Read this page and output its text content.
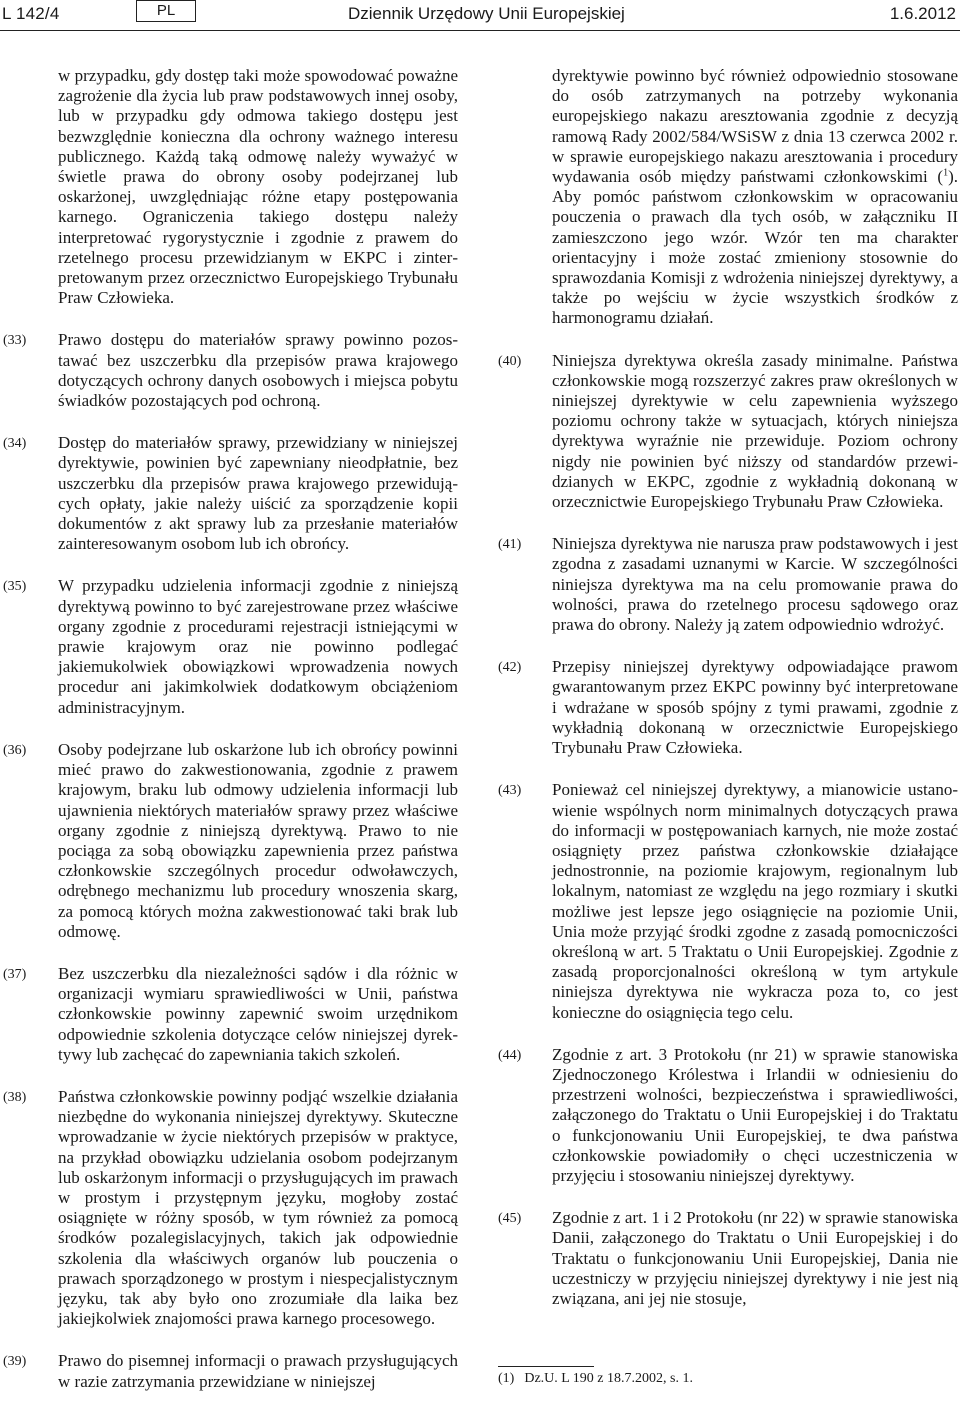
L 142/4	PL	Dziennik Urzędowy Unii Europejskiej	1.6.2012
w przypadku, gdy dostęp taki może spowodować poważne zagrożenie dla życia lub praw podstawowych innej osoby, lub w przypadku gdy odmowa takiego dostępu jest bezwzględnie konieczna dla ochrony ważnego interesu publicznego. Każdą taką odmowę należy wyważyć w świetle prawa do obrony osoby podejrzanej lub oskarżonej, uwzględniając różne etapy postępowania karnego. Ograniczenia takiego dostępu należy interpretować rygorystycznie i zgodnie z prawem do rzetelnego procesu przewidzianym w EKPC i zinterpretowanym przez orzecznictwo Europejskiego Trybunału Praw Człowieka.
(33) Prawo dostępu do materiałów sprawy powinno pozostawać bez uszczerbku dla przepisów prawa krajowego dotyczących ochrony danych osobowych i miejsca pobytu świadków pozostających pod ochroną.
(34) Dostęp do materiałów sprawy, przewidziany w niniejszej dyrektywie, powinien być zapewniany nieodpłatnie, bez uszczerbku dla przepisów prawa krajowego przewidujących opłaty, jakie należy uiścić za sporządzenie kopii dokumentów z akt sprawy lub za przesłanie materiałów zainteresowanym osobom lub ich obrońcy.
(35) W przypadku udzielenia informacji zgodnie z niniejszą dyrektywą powinno to być zarejestrowane przez właściwe organy zgodnie z procedurami rejestracji istniejącymi w prawie krajowym oraz nie powinno podlegać jakiemukolwiek obowiązkowi wprowadzenia nowych procedur ani jakimkolwiek dodatkowym obciążeniom administracyjnym.
(36) Osoby podejrzane lub oskarżone lub ich obrońcy powinni mieć prawo do zakwestionowania, zgodnie z prawem krajowym, braku lub odmowy udzielenia informacji lub ujawnienia niektórych materiałów sprawy przez właściwe organy zgodnie z niniejszą dyrektywą. Prawo to nie pociąga za sobą obowiązku zapewnienia przez państwa członkowskie szczególnych procedur odwoławczych, odrębnego mechanizmu lub procedury wnoszenia skarg, za pomocą których można zakwestionować taki brak lub odmowę.
(37) Bez uszczerbku dla niezależności sądów i dla różnic w organizacji wymiaru sprawiedliwości w Unii, państwa członkowskie powinny zapewnić swoim urzędnikom odpowiednie szkolenia dotyczące celów niniejszej dyrektywy lub zachęcać do zapewniania takich szkoleń.
(38) Państwa członkowskie powinny podjąć wszelkie działania niezbędne do wykonania niniejszej dyrektywy. Skuteczne wprowadzanie w życie niektórych przepisów w praktyce, na przykład obowiązku udzielania osobom podejrzanym lub oskarżonym informacji o przysługujących im prawach w prostym i przystępnym języku, mogłoby zostać osiągnięte w różny sposób, w tym również za pomocą środków pozalegislacyjnych, takich jak odpowiednie szkolenia dla właściwych organów lub pouczenia o prawach sporządzonego w prostym i niespecjalistycznym języku, tak aby było ono zrozumiałe dla laika bez jakiejkolwiek znajomości prawa karnego procesowego.
(39) Prawo do pisemnej informacji o prawach przysługujących w razie zatrzymania przewidziane w niniejszej
dyrektywie powinno być również odpowiednio stosowane do osób zatrzymanych na potrzeby wykonania europejskiego nakazu aresztowania zgodnie z decyzją ramową Rady 2002/584/WSiSW z dnia 13 czerwca 2002 r. w sprawie europejskiego nakazu aresztowania i procedury wydawania osób między państwami członkowskimi ($^1$). Aby pomóc państwom członkowskim w opracowaniu pouczenia o prawach dla tych osób, w załączniku II zamieszczono jego wzór. Wzór ten ma charakter orientacyjny i może zostać zmieniony stosownie do sprawozdania Komisji z wdrożenia niniejszej dyrektywy, a także po wejściu w życie wszystkich środków z harmonogramu działań.
(40) Niniejsza dyrektywa określa zasady minimalne. Państwa członkowskie mogą rozszerzyć zakres praw określonych w niniejszej dyrektywie w celu zapewnienia wyższego poziomu ochrony także w sytuacjach, których niniejsza dyrektywa wyraźnie nie przewiduje. Poziom ochrony nigdy nie powinien być niższy od standardów przewidzianych w EKPC, zgodnie z wykładnią dokonaną w orzecznictwie Europejskiego Trybunału Praw Człowieka.
(41) Niniejsza dyrektywa nie narusza praw podstawowych i jest zgodna z zasadami uznanymi w Karcie. W szczególności niniejsza dyrektywa ma na celu promowanie prawa do wolności, prawa do rzetelnego procesu sądowego oraz prawa do obrony. Należy ją zatem odpowiednio wdrożyć.
(42) Przepisy niniejszej dyrektywy odpowiadające prawom gwarantowanym przez EKPC powinny być interpretowane i wdrażane w sposób spójny z tymi prawami, zgodnie z wykładnią dokonaną w orzecznictwie Europejskiego Trybunału Praw Człowieka.
(43) Ponieważ cel niniejszej dyrektywy, a mianowicie ustanowienie wspólnych norm minimalnych dotyczących prawa do informacji w postępowaniach karnych, nie może zostać osiągnięty przez państwa członkowskie działające jednostronnie, na poziomie krajowym, regionalnym lub lokalnym, natomiast ze względu na jego rozmiary i skutki możliwe jest lepsze jego osiągnięcie na poziomie Unii, Unia może przyjąć środki zgodne z zasadą pomocniczości określoną w art. 5 Traktatu o Unii Europejskiej. Zgodnie z zasadą proporcjonalności określoną w tym artykule niniejsza dyrektywa nie wykracza poza to, co jest konieczne do osiągnięcia tego celu.
(44) Zgodnie z art. 3 Protokołu (nr 21) w sprawie stanowiska Zjednoczonego Królestwa i Irlandii w odniesieniu do przestrzeni wolności, bezpieczeństwa i sprawiedliwości, załączonego do Traktatu o Unii Europejskiej i do Traktatu o funkcjonowaniu Unii Europejskiej, te dwa państwa członkowskie powiadomiły o chęci uczestniczenia w przyjęciu i stosowaniu niniejszej dyrektywy.
(45) Zgodnie z art. 1 i 2 Protokołu (nr 22) w sprawie stanowiska Danii, załączonego do Traktatu o Unii Europejskiej i do Traktatu o funkcjonowaniu Unii Europejskiej, Dania nie uczestniczy w przyjęciu niniejszej dyrektywy i nie jest nią związana, ani jej nie stosuje,
(1) Dz.U. L 190 z 18.7.2002, s. 1.
